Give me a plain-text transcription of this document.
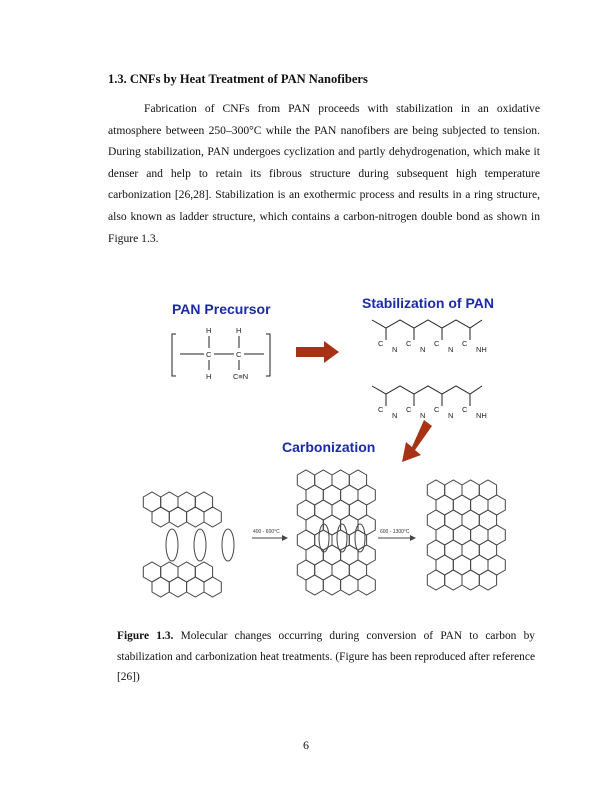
1.3. CNFs by Heat Treatment of PAN Nanofibers
Fabrication of CNFs from PAN proceeds with stabilization in an oxidative atmosphere between 250–300°C while the PAN nanofibers are being subjected to tension. During stabilization, PAN undergoes cyclization and partly dehydrogenation, which make it denser and help to retain its fibrous structure during subsequent high temperature carbonization [26,28]. Stabilization is an exothermic process and results in a ring structure, also known as ladder structure, which contains a carbon-nitrogen double bond as shown in Figure 1.3.
PAN Precursor	Stabilization of PAN
Carbonization
H	H
C	C
H	C≡N
C
N
C
N
C
N
C
NH
C
N
C
N
C
N
C
NH
400 - 600°C	600 - 1300°C
Figure 1.3. Molecular changes occurring during conversion of PAN to carbon by stabilization and carbonization heat treatments. (Figure has been reproduced after reference [26])
6
